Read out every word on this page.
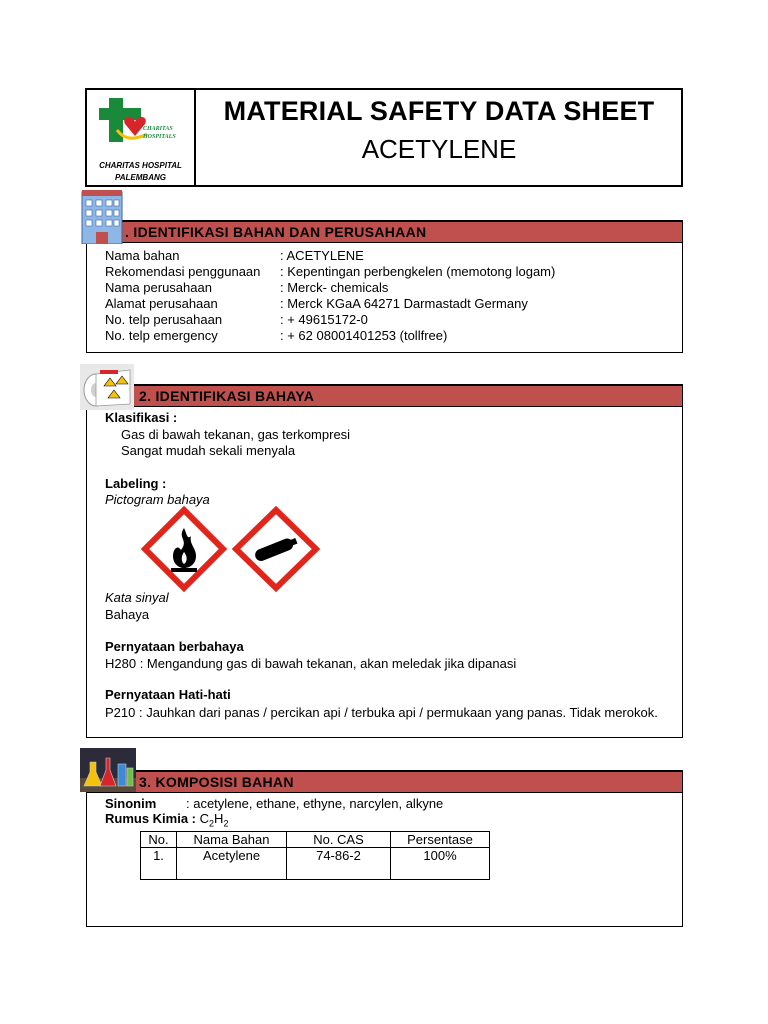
CHARITAS
HOSPITALS
CHARITAS HOSPITAL
PALEMBANG
MATERIAL SAFETY DATA SHEET
ACETYLENE
. IDENTIFIKASI BAHAN DAN PERUSAHAAN
Nama bahan	: ACETYLENE
Rekomendasi penggunaan : Kepentingan perbengkelen (memotong logam)
Nama perusahaan	: Merck- chemicals
Alamat perusahaan	: Merck KGaA 64271 Darmastadt Germany
No. telp perusahaan	: + 49615172-0
No. telp emergency	: + 62 08001401253 (tollfree)
2. IDENTIFIKASI BAHAYA
Klasifikasi :
Gas di bawah tekanan, gas terkompresi
Sangat mudah sekali menyala
Labeling :
Pictogram bahaya
Kata sinyal
Bahaya
Pernyataan berbahaya
H280 : Mengandung gas di bawah tekanan, akan meledak jika dipanasi
Pernyataan Hati-hati
P210 : Jauhkan dari panas / percikan api / terbuka api / permukaan yang panas. Tidak merokok.
3. KOMPOSISI BAHAN
Sinonim : acetylene, ethane, ethyne, narcylen, alkyne
Rumus Kimia : $C_2H_2$
No.	Nama Bahan	No. CAS	Persentase
1.	Acetylene	74-86-2	100%
